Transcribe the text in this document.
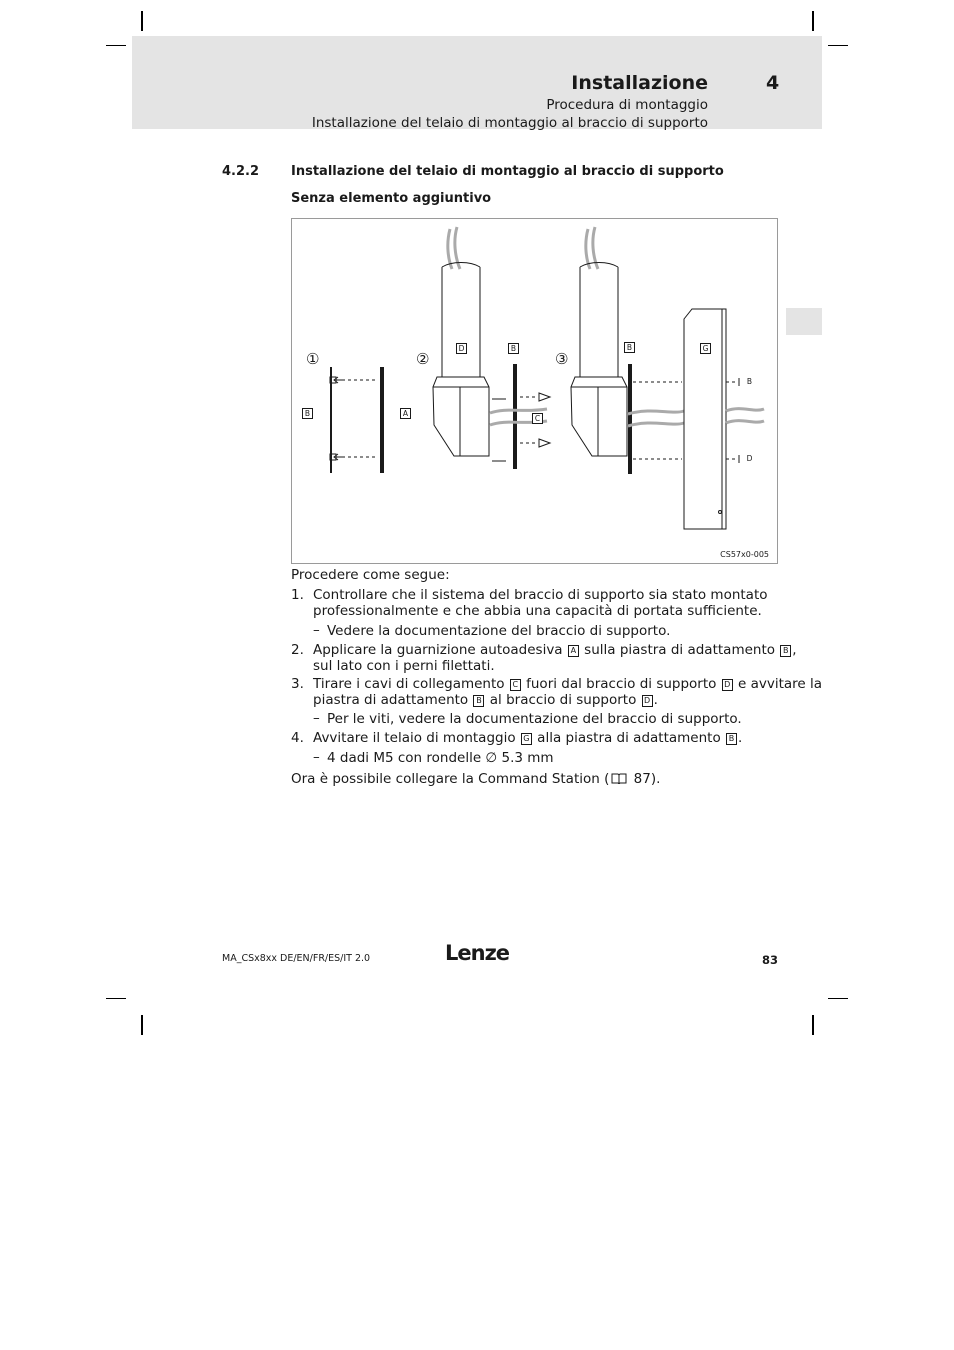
Installazione	4
Procedura di montaggio
Installazione del telaio di montaggio al braccio di supporto
4.2.2 Installazione del telaio di montaggio al braccio di supporto
Senza elemento aggiuntivo
①	②	③
B	A
D	B
C
B	G
B
D
CS57x0-005
Procedere come segue:
1. Controllare che il sistema del braccio di supporto sia stato montato
professionalmente e che abbia una capacità di portata sufficiente.
– Vedere la documentazione del braccio di supporto.
2. Applicare la guarnizione autoadesiva A sulla piastra di adattamento B ,
sul lato con i perni filettati.
3. Tirare i cavi di collegamento C fuori dal braccio di supporto D e avvitare la
piastra di adattamento B al braccio di supporto D .
– Per le viti, vedere la documentazione del braccio di supporto.
4. Avvitare il telaio di montaggio G alla piastra di adattamento B .
– 4 dadi M5 con rondelle ∅ 5.3 mm
Ora è possibile collegare la Command Station ( 87).
MA_CSx8xx DE/EN/FR/ES/IT 2.0	Lenze	83
